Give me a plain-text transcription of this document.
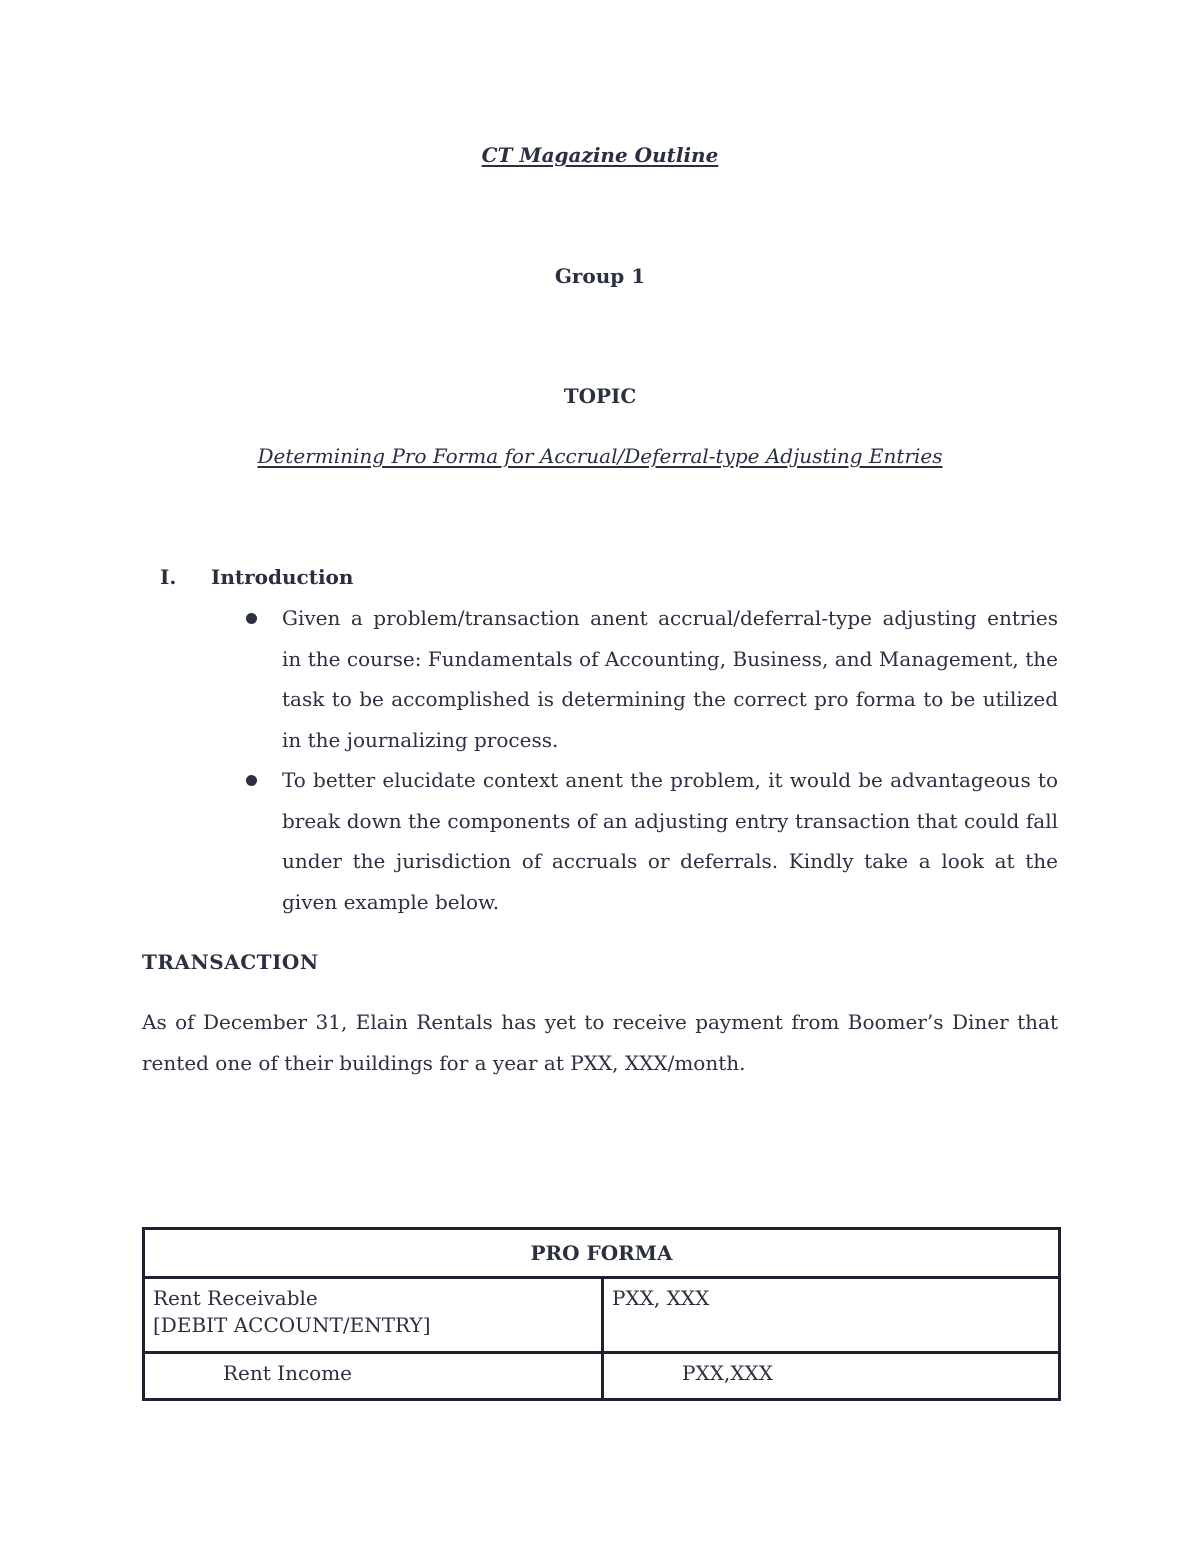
CT Magazine Outline
Group 1
TOPIC
Determining Pro Forma for Accrual/Deferral-type Adjusting Entries
I. Introduction
Given a problem/transaction anent accrual/deferral-type adjusting entries in the course: Fundamentals of Accounting, Business, and Management, the task to be accomplished is determining the correct pro forma to be utilized in the journalizing process.
To better elucidate context anent the problem, it would be advantageous to break down the components of an adjusting entry transaction that could fall under the jurisdiction of accruals or deferrals. Kindly take a look at the given example below.
TRANSACTION
As of December 31, Elain Rentals has yet to receive payment from Boomer’s Diner that rented one of their buildings for a year at PXX, XXX/month.
PRO FORMA	

Rent Receivable
[DEBIT ACCOUNT/ENTRY]	PXX, XXX

Rent Income	PXX,XXX
